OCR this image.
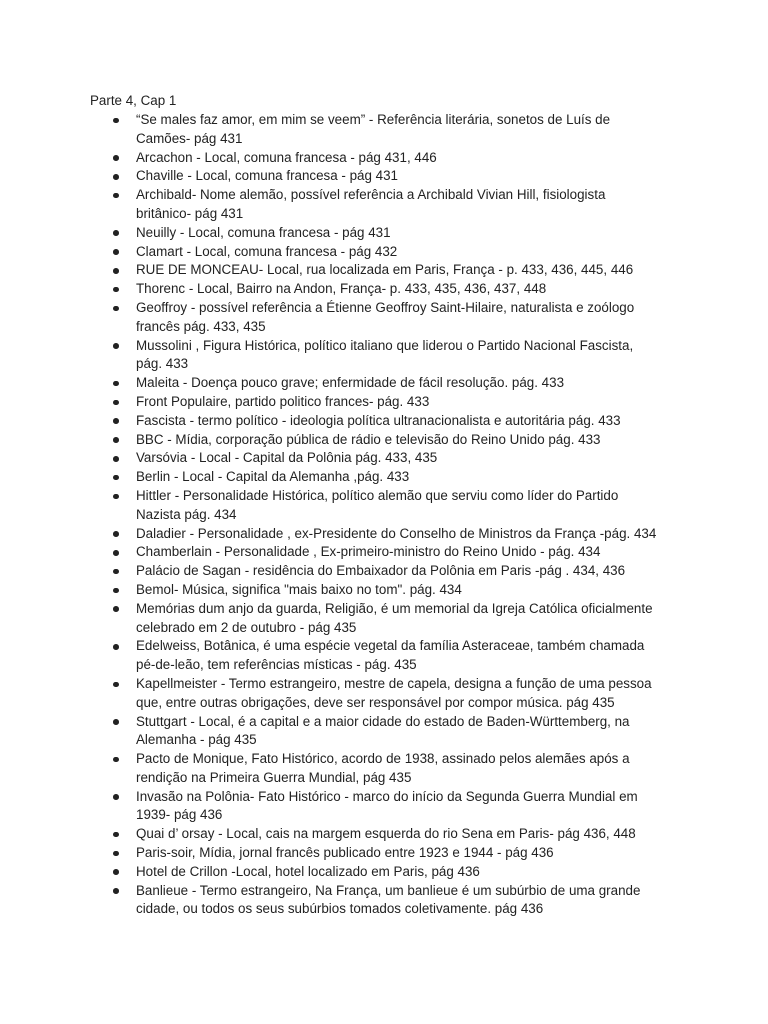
Parte 4, Cap 1
“Se males faz amor, em mim se veem” - Referência literária, sonetos de Luís de
Camões- pág 431
Arcachon - Local, comuna francesa - pág 431, 446
Chaville - Local, comuna francesa - pág 431
Archibald- Nome alemão, possível referência a Archibald Vivian Hill, fisiologista
britânico- pág 431
Neuilly - Local, comuna francesa - pág 431
Clamart - Local, comuna francesa - pág 432
RUE DE MONCEAU- Local, rua localizada em Paris, França - p. 433, 436, 445, 446
Thorenc - Local, Bairro na Andon, França- p. 433, 435, 436, 437, 448
Geoffroy - possível referência a Étienne Geoffroy Saint-Hilaire, naturalista e zoólogo
francês pág. 433, 435
Mussolini , Figura Histórica, político italiano que liderou o Partido Nacional Fascista,
pág. 433
Maleita - Doença pouco grave; enfermidade de fácil resolução. pág. 433
Front Populaire, partido politico frances- pág. 433
Fascista - termo político - ideologia política ultranacionalista e autoritária pág. 433
BBC - Mídia, corporação pública de rádio e televisão do Reino Unido pág. 433
Varsóvia - Local - Capital da Polônia pág. 433, 435
Berlin - Local - Capital da Alemanha ,pág. 433
Hittler - Personalidade Histórica, político alemão que serviu como líder do Partido
Nazista pág. 434
Daladier - Personalidade , ex-Presidente do Conselho de Ministros da França -pág. 434
Chamberlain - Personalidade , Ex-primeiro-ministro do Reino Unido - pág. 434
Palácio de Sagan - residência do Embaixador da Polônia em Paris -pág . 434, 436
Bemol- Música, significa "mais baixo no tom". pág. 434
Memórias dum anjo da guarda, Religião, é um memorial da Igreja Católica oficialmente
celebrado em 2 de outubro - pág 435
Edelweiss, Botânica, é uma espécie vegetal da família Asteraceae, também chamada
pé-de-leão, tem referências místicas - pág. 435
Kapellmeister - Termo estrangeiro, mestre de capela, designa a função de uma pessoa
que, entre outras obrigações, deve ser responsável por compor música. pág 435
Stuttgart - Local, é a capital e a maior cidade do estado de Baden-Württemberg, na
Alemanha - pág 435
Pacto de Monique, Fato Histórico, acordo de 1938, assinado pelos alemães após a
rendição na Primeira Guerra Mundial, pág 435
Invasão na Polônia- Fato Histórico - marco do início da Segunda Guerra Mundial em
1939- pág 436
Quai d’ orsay - Local, cais na margem esquerda do rio Sena em Paris- pág 436, 448
Paris-soir, Mídia, jornal francês publicado entre 1923 e 1944 - pág 436
Hotel de Crillon -Local, hotel localizado em Paris, pág 436
Banlieue - Termo estrangeiro, Na França, um banlieue é um subúrbio de uma grande
cidade, ou todos os seus subúrbios tomados coletivamente. pág 436
